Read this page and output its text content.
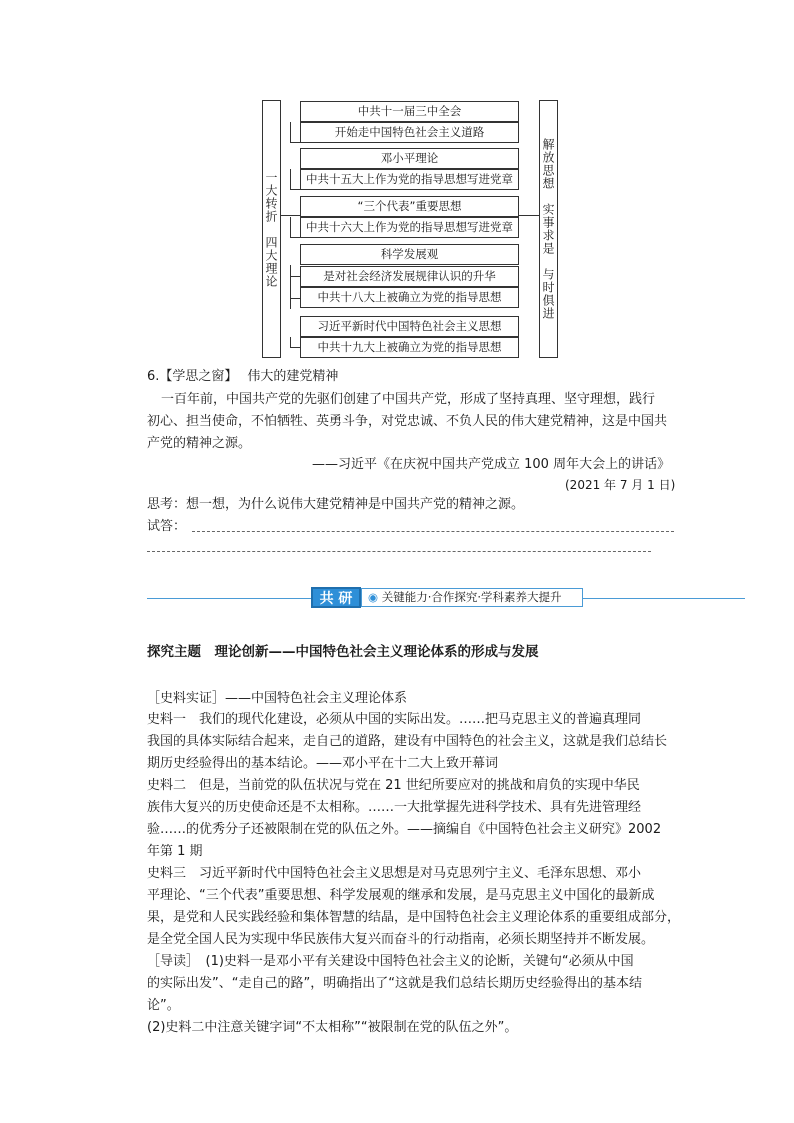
一大转折　四大理论	解放思想　实事求是　与时俱进
中共十一届三中全会
开始走中国特色社会主义道路
邓小平理论
中共十五大上作为党的指导思想写进党章
“三个代表”重要思想
中共十六大上作为党的指导思想写进党章
科学发展观
是对社会经济发展规律认识的升华
中共十八大上被确立为党的指导思想
习近平新时代中国特色社会主义思想
中共十九大上被确立为党的指导思想
6.【学思之窗】 伟大的建党精神
一百年前，中国共产党的先驱们创建了中国共产党，形成了坚持真理、坚守理想，践行
初心、担当使命，不怕牺牲、英勇斗争，对党忠诚、不负人民的伟大建党精神，这是中国共
产党的精神之源。
——习近平《在庆祝中国共产党成立 100 周年大会上的讲话》
(2021 年 7 月 1 日)
思考：想一想，为什么说伟大建党精神是中国共产党的精神之源。
试答：
共 研	◉ 关键能力·合作探究·学科素养大提升
探究主题　理论创新——中国特色社会主义理论体系的形成与发展
［史料实证］——中国特色社会主义理论体系
史料一　我们的现代化建设，必须从中国的实际出发。……把马克思主义的普遍真理同
我国的具体实际结合起来，走自己的道路，建设有中国特色的社会主义，这就是我们总结长
期历史经验得出的基本结论。——邓小平在十二大上致开幕词
史料二　但是，当前党的队伍状况与党在 21 世纪所要应对的挑战和肩负的实现中华民
族伟大复兴的历史使命还是不太相称。……一大批掌握先进科学技术、具有先进管理经
验……的优秀分子还被限制在党的队伍之外。——摘编自《中国特色社会主义研究》2002
年第 1 期
史料三　习近平新时代中国特色社会主义思想是对马克思列宁主义、毛泽东思想、邓小
平理论、“三个代表”重要思想、科学发展观的继承和发展，是马克思主义中国化的最新成
果，是党和人民实践经验和集体智慧的结晶，是中国特色社会主义理论体系的重要组成部分，
是全党全国人民为实现中华民族伟大复兴而奋斗的行动指南，必须长期坚持并不断发展。
［导读］　(1)史料一是邓小平有关建设中国特色社会主义的论断，关键句“必须从中国
的实际出发”、“走自己的路”，明确指出了“这就是我们总结长期历史经验得出的基本结
论”。
(2)史料二中注意关键字词“不太相称”“被限制在党的队伍之外”。
